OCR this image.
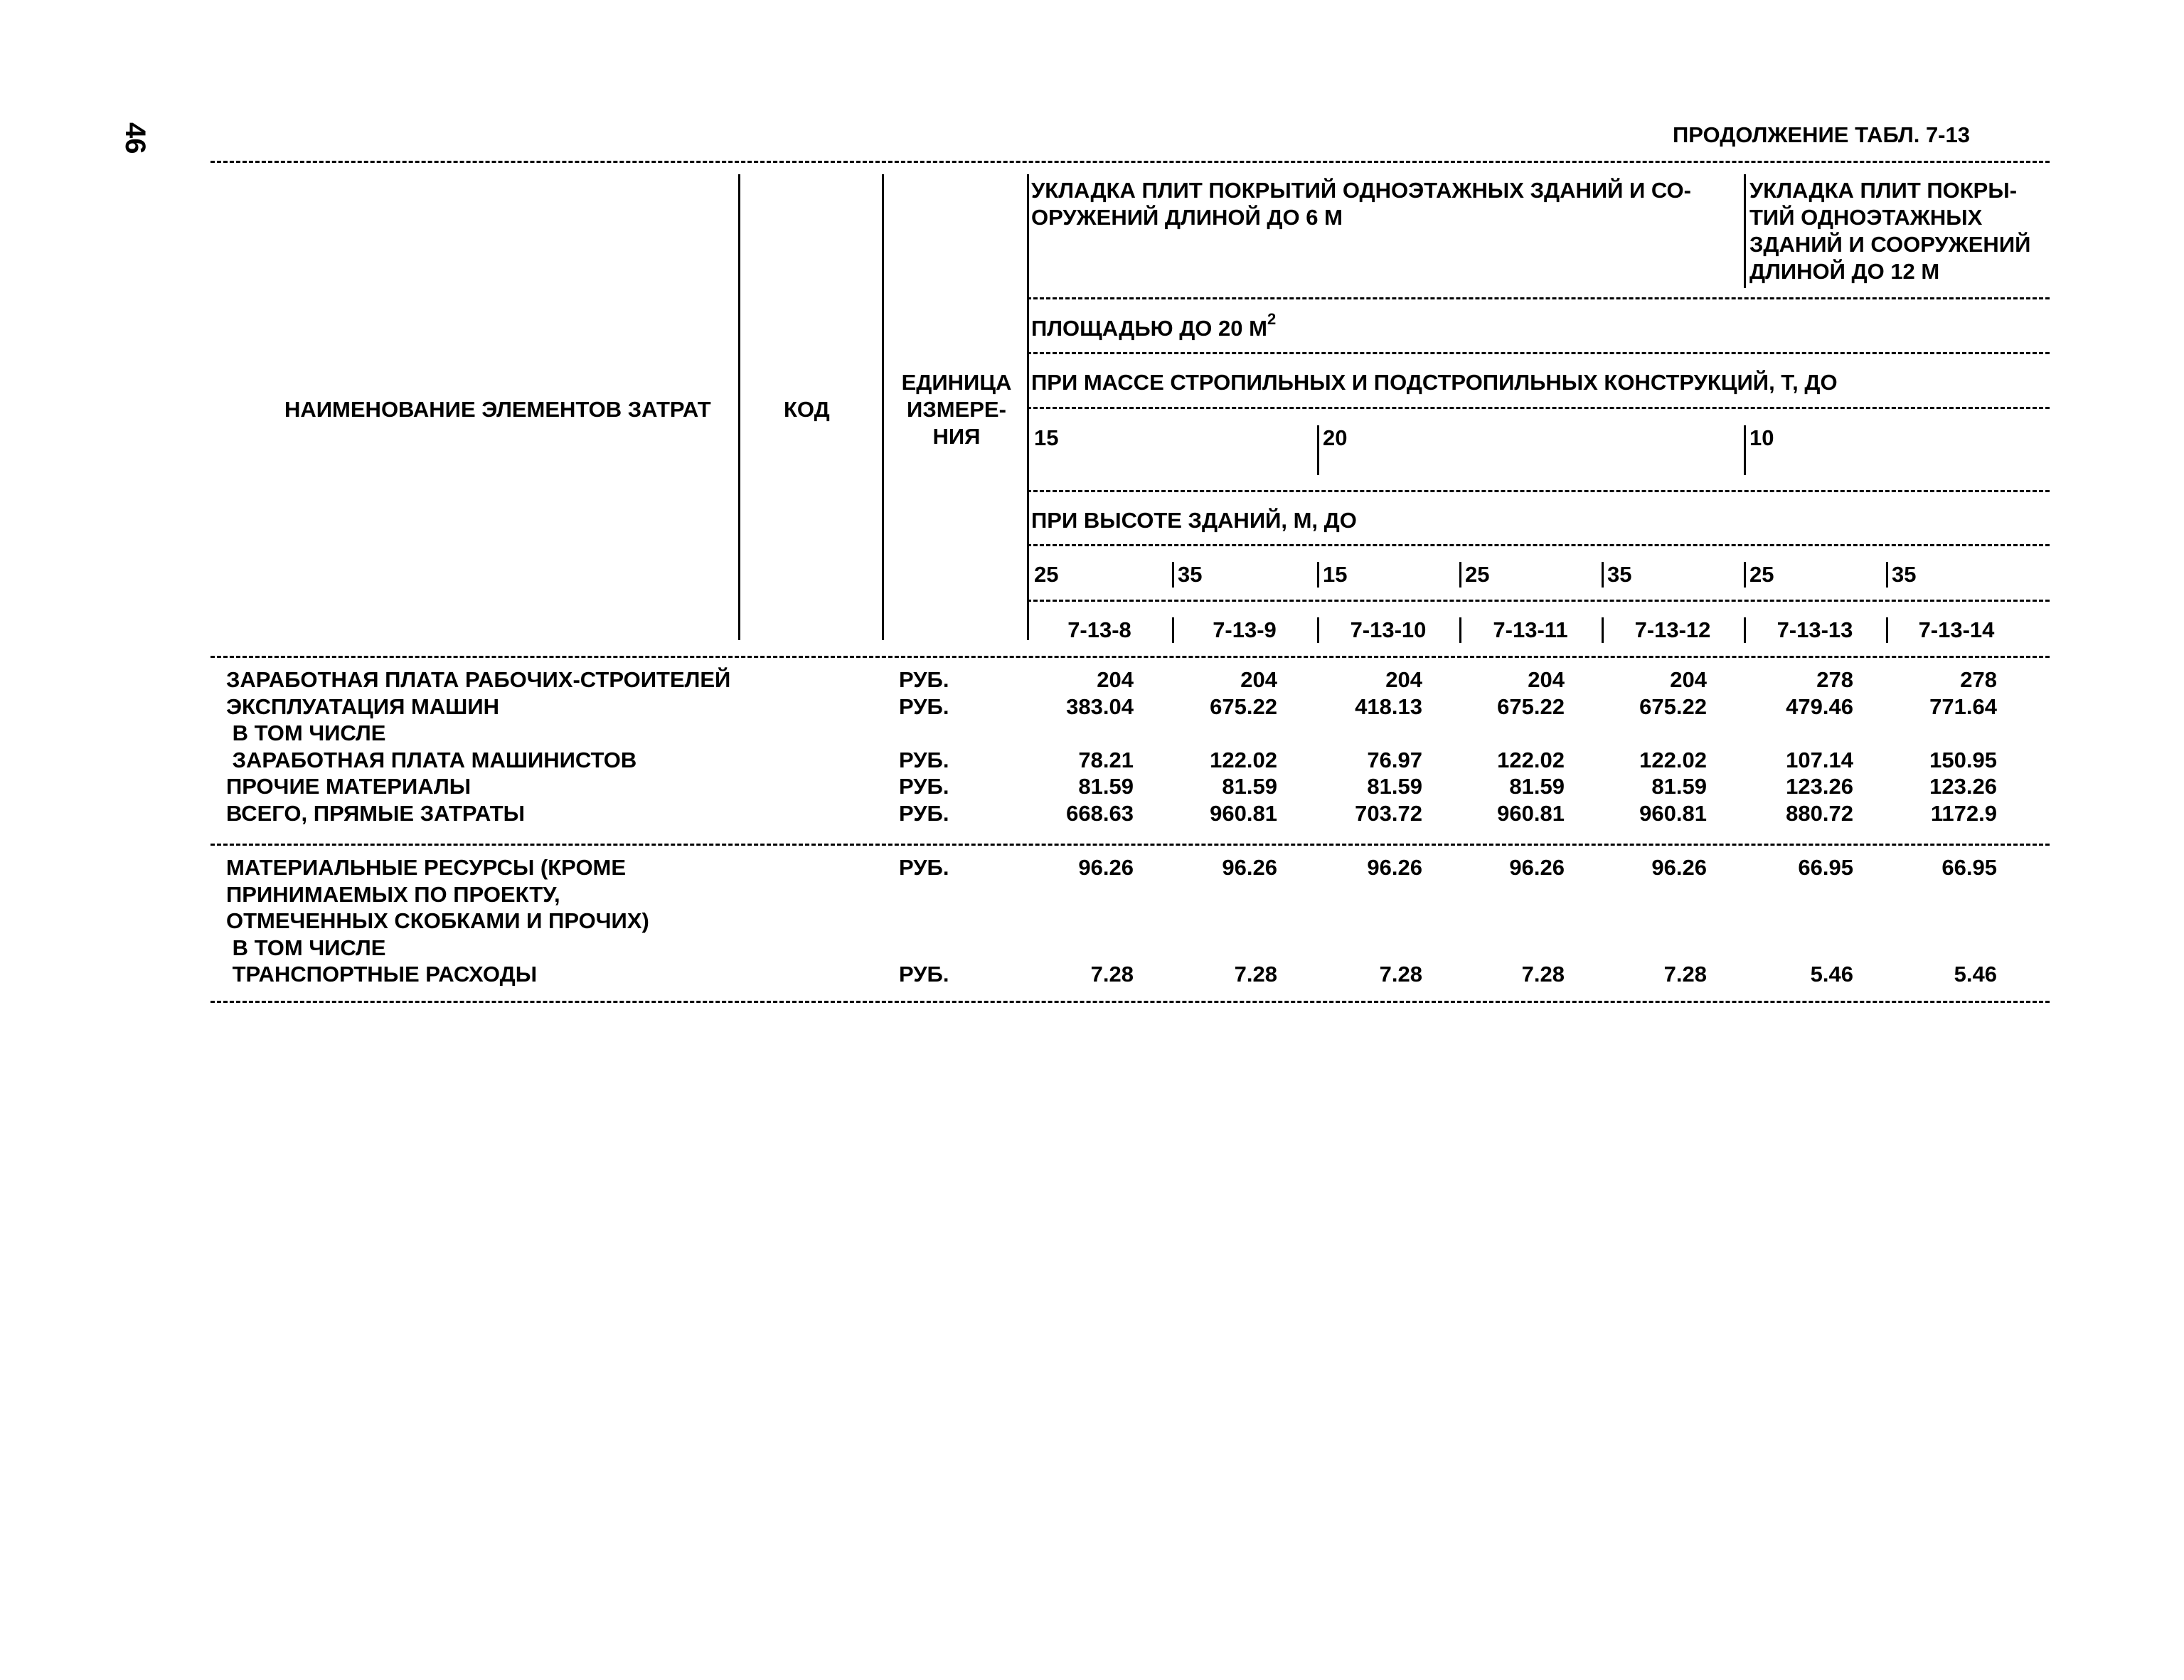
46	ПРОДОЛЖЕНИЕ ТАБЛ. 7-13
НАИМЕНОВАНИЕ ЭЛЕМЕНТОВ ЗАТРАТ	КОД
ЕДИНИЦА
ИЗМЕРЕ-
НИЯ
УКЛАДКА ПЛИТ ПОКРЫТИЙ ОДНОЭТАЖНЫХ ЗДАНИЙ И СО-
ОРУЖЕНИЙ ДЛИНОЙ ДО 6 М
УКЛАДКА ПЛИТ ПОКРЫ-
ТИЙ ОДНОЭТАЖНЫХ
ЗДАНИЙ И СООРУЖЕНИЙ
ДЛИНОЙ ДО 12 М
ПЛОЩАДЬЮ ДО 20 $М^2$
ПРИ МАССЕ СТРОПИЛЬНЫХ И ПОДСТРОПИЛЬНЫХ КОНСТРУКЦИЙ, Т, ДО
15	20	10
ПРИ ВЫСОТЕ ЗДАНИЙ, М, ДО
25	35	15	25	35	25	35
7-13-8	7-13-9	7-13-10	7-13-11	7-13-12	7-13-13	7-13-14
ЗАРАБОТНАЯ ПЛАТА РАБОЧИХ-СТРОИТЕЛЕЙ	РУБ.	204	204	204	204	204	278	278
ЭКСПЛУАТАЦИЯ МАШИН	РУБ.	383.04	675.22	418.13	675.22	675.22	479.46	771.64
В ТОМ ЧИСЛЕ
ЗАРАБОТНАЯ ПЛАТА МАШИНИСТОВ	РУБ.	78.21	122.02	76.97	122.02	122.02	107.14	150.95
ПРОЧИЕ МАТЕРИАЛЫ	РУБ.	81.59	81.59	81.59	81.59	81.59	123.26	123.26
ВСЕГО, ПРЯМЫЕ ЗАТРАТЫ	РУБ.	668.63	960.81	703.72	960.81	960.81	880.72	1172.9
МАТЕРИАЛЬНЫЕ РЕСУРСЫ (КРОМЕ	РУБ.	96.26	96.26	96.26	96.26	96.26	66.95	66.95
ПРИНИМАЕМЫХ ПО ПРОЕКТУ,
ОТМЕЧЕННЫХ СКОБКАМИ И ПРОЧИХ)
В ТОМ ЧИСЛЕ
ТРАНСПОРТНЫЕ РАСХОДЫ	РУБ.	7.28	7.28	7.28	7.28	7.28	5.46	5.46
